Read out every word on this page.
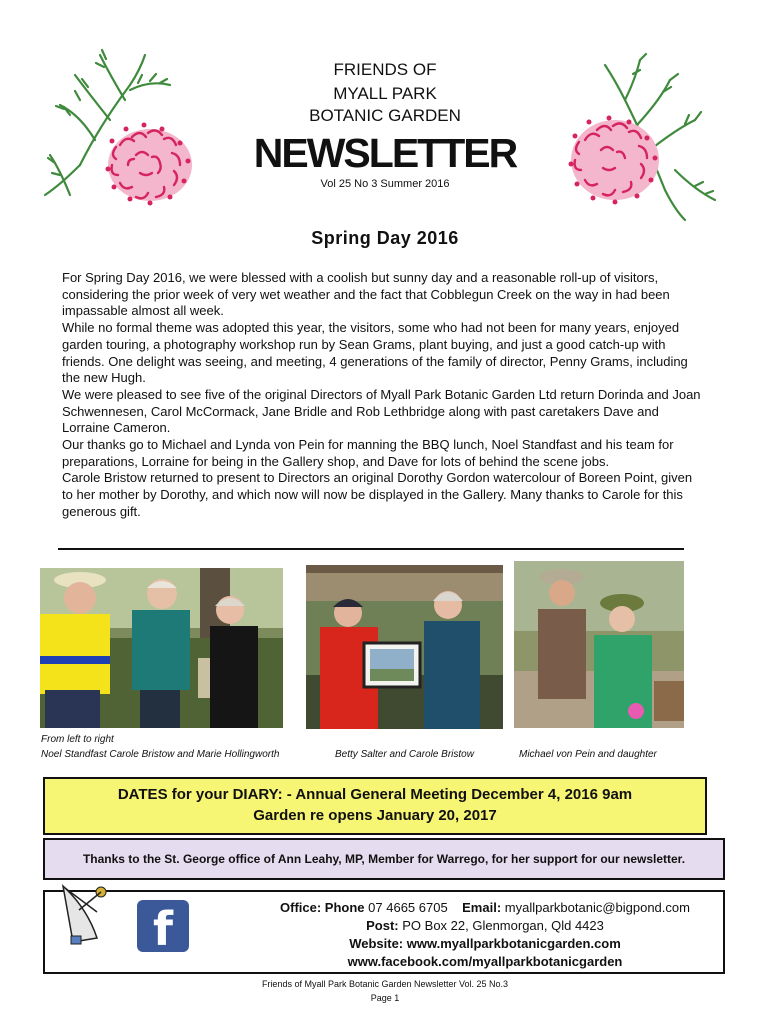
FRIENDS OF
MYALL PARK
BOTANIC GARDEN
NEWSLETTER
Vol 25 No 3 Summer 2016
Spring Day 2016

For Spring Day 2016, we were blessed with a coolish but sunny day and a reasonable roll-up of visitors, considering the prior week of very wet weather and the fact that Cobblegun Creek on the way in had been impassable almost all week.

While no formal theme was adopted this year, the visitors, some who had not been for many years, enjoyed garden touring, a photography workshop run by Sean Grams, plant buying, and just a good catch-up with friends. One delight was seeing, and meeting, 4 generations of the family of director, Penny Grams, including the new Hugh.

We were pleased to see five of the original Directors of Myall Park Botanic Garden Ltd return Dorinda and Joan Schwennesen, Carol McCormack, Jane Bridle and Rob Lethbridge along with past caretakers Dave and Lorraine Cameron.

Our thanks go to Michael and Lynda von Pein for manning the BBQ lunch, Noel Standfast and his team for preparations, Lorraine for being in the Gallery shop, and Dave for lots of behind the scene jobs.

Carole Bristow returned to present to Directors an original Dorothy Gordon watercolour of Boreen Point, given to her mother by Dorothy, and which now will now be displayed in the Gallery. Many thanks to Carole for this generous gift.

From left to right
Noel Standfast Carole Bristow and Marie Hollingworth	Betty Salter and Carole Bristow	Michael von Pein and daughter
DATES for your DIARY: - Annual General Meeting December 4, 2016 9am
Garden re opens January 20, 2017
Thanks to the St. George office of Ann Leahy, MP, Member for Warrego, for her support for our newsletter.
f	Office: Phone 07 4665 6705 Email: myallparkbotanic@bigpond.com
Post: PO Box 22, Glenmorgan, Qld 4423
Website: www.myallparkbotanicgarden.com
www.facebook.com/myallparkbotanicgarden
Friends of Myall Park Botanic Garden Newsletter Vol. 25 No.3
Page 1
